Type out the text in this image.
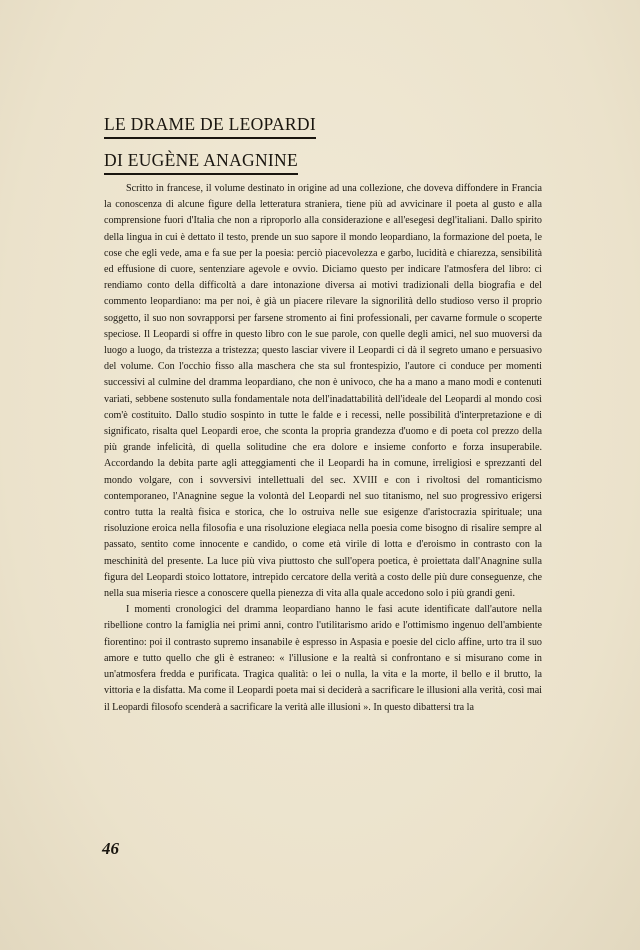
LE DRAME DE LEOPARDI
DI EUGÈNE ANAGNINE

Scritto in francese, il volume destinato in origine ad una collezione, che doveva diffondere in Francia la conoscenza di alcune figure della letteratura straniera, tiene più ad avvicinare il poeta al gusto e alla comprensione fuori d'Italia che non a riproporlo alla considerazione e all'esegesi degl'italiani. Dallo spirito della lingua in cui è dettato il testo, prende un suo sapore il mondo leopardiano, la formazione del poeta, le cose che egli vede, ama e fa sue per la poesia: perciò piacevolezza e garbo, lucidità e chiarezza, sensibilità ed effusione di cuore, sentenziare agevole e ovvio. Diciamo questo per indicare l'atmosfera del libro: ci rendiamo conto della difficoltà a dare intonazione diversa ai motivi tradizionali della biografia e del commento leopardiano: ma per noi, è già un piacere rilevare la signorilità dello studioso verso il proprio soggetto, il suo non sovrapporsi per farsene stromento ai fini professionali, per cavarne formule o scoperte speciose. Il Leopardi si offre in questo libro con le sue parole, con quelle degli amici, nel suo muoversi da luogo a luogo, da tristezza a tristezza; questo lasciar vivere il Leopardi ci dà il segreto umano e persuasivo del volume. Con l'occhio fisso alla maschera che sta sul frontespizio, l'autore ci conduce per momenti successivi al culmine del dramma leopardiano, che non è univoco, che ha a mano a mano modi e contenuti variati, sebbene sostenuto sulla fondamentale nota dell'inadattabilità dell'ideale del Leopardi al mondo così com'è costituito. Dallo studio sospinto in tutte le falde e i recessi, nelle possibilità d'interpretazione e di significato, risalta quel Leopardi eroe, che sconta la propria grandezza d'uomo e di poeta col prezzo della più grande infelicità, di quella solitudine che era dolore e insieme conforto e forza insuperabile. Accordando la debita parte agli atteggiamenti che il Leopardi ha in comune, irreligiosi e sprezzanti del mondo volgare, con i sovversivi intellettuali del sec. XVIII e con i rivoltosi del romanticismo contemporaneo, l'Anagnine segue la volontà del Leopardi nel suo titanismo, nel suo progressivo erigersi contro tutta la realtà fisica e storica, che lo ostruiva nelle sue esigenze d'aristocrazia spirituale; una risoluzione eroica nella filosofia e una risoluzione elegiaca nella poesia come bisogno di risalire sempre al passato, sentito come innocente e candido, o come età virile di lotta e d'eroismo in contrasto con la meschinità del presente. La luce più viva piuttosto che sull'opera poetica, è proiettata dall'Anagnine sulla figura del Leopardi stoico lottatore, intrepido cercatore della verità a costo delle più dure conseguenze, che nella sua miseria riesce a conoscere quella pienezza di vita alla quale accedono solo i più grandi geni.

I momenti cronologici del dramma leopardiano hanno le fasi acute identificate dall'autore nella ribellione contro la famiglia nei primi anni, contro l'utilitarismo arido e l'ottimismo ingenuo dell'ambiente fiorentino: poi il contrasto supremo insanabile è espresso in Aspasia e poesie del ciclo affine, urto tra il suo amore e tutto quello che gli è estraneo: « l'illusione e la realtà si confrontano e si misurano come in un'atmosfera fredda e purificata. Tragica qualità: o lei o nulla, la vita e la morte, il bello e il brutto, la vittoria e la disfatta. Ma come il Leopardi poeta mai si deciderà a sacrificare le illusioni alla verità, così mai il Leopardi filosofo scenderà a sacrificare la verità alle illusioni ». In questo dibattersi tra la

46
